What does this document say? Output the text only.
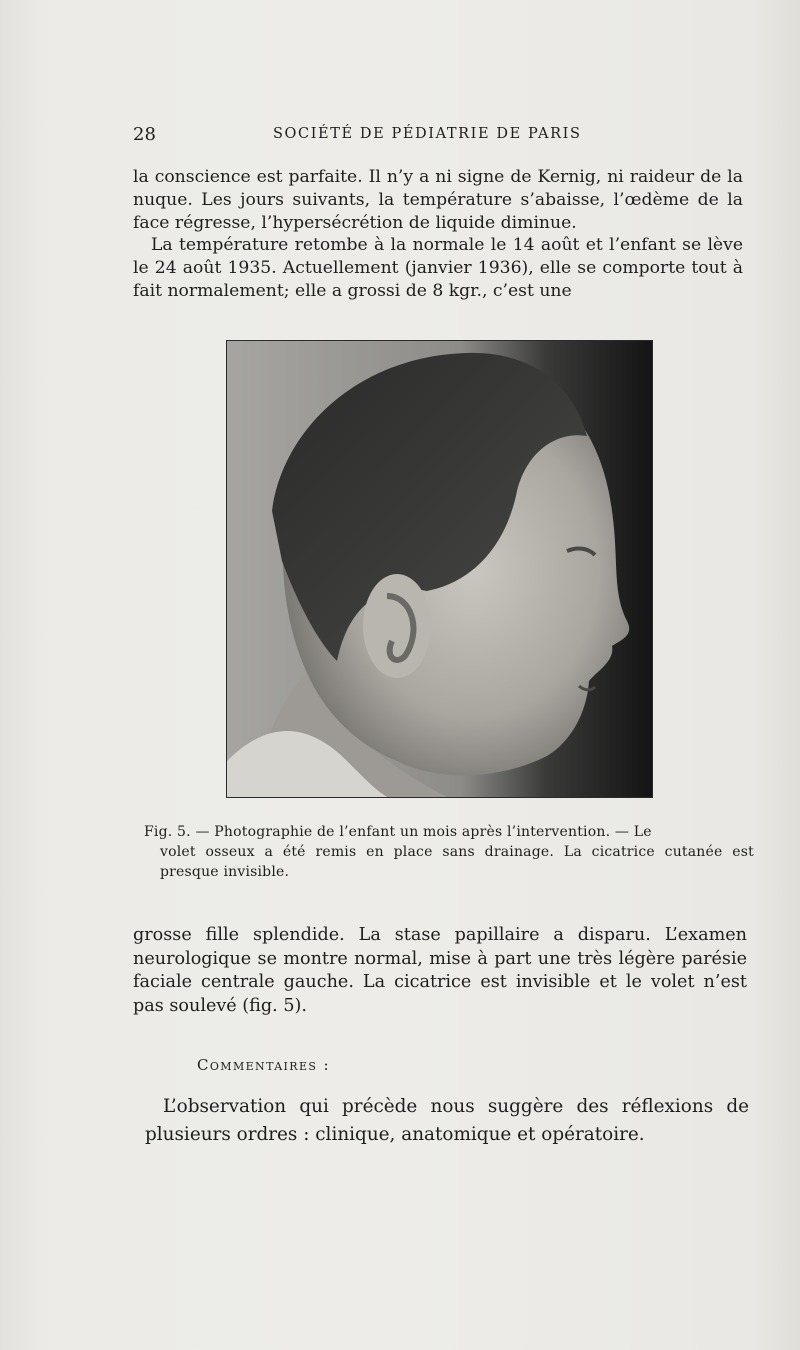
28	SOCIÉTÉ DE PÉDIATRIE DE PARIS

la conscience est parfaite. Il n’y a ni signe de Kernig, ni raideur de la nuque. Les jours suivants, la température s’abaisse, l’œdème de la face régresse, l’hypersécrétion de liquide diminue.

La température retombe à la normale le 14 août et l’enfant se lève le 24 août 1935. Actuellement (janvier 1936), elle se comporte tout à fait normalement; elle a grossi de 8 kgr., c’est une

Fig. 5. — Photographie de l’enfant un mois après l’intervention. — Le
volet osseux a été remis en place sans drainage. La cicatrice cutanée est presque invisible.

grosse fille splendide. La stase papillaire a disparu. L’examen neurologique se montre normal, mise à part une très légère parésie faciale centrale gauche. La cicatrice est invisible et le volet n’est pas soulevé (fig. 5).

Commentaires :

L’observation qui précède nous suggère des réflexions de plusieurs ordres : clinique, anatomique et opératoire.
